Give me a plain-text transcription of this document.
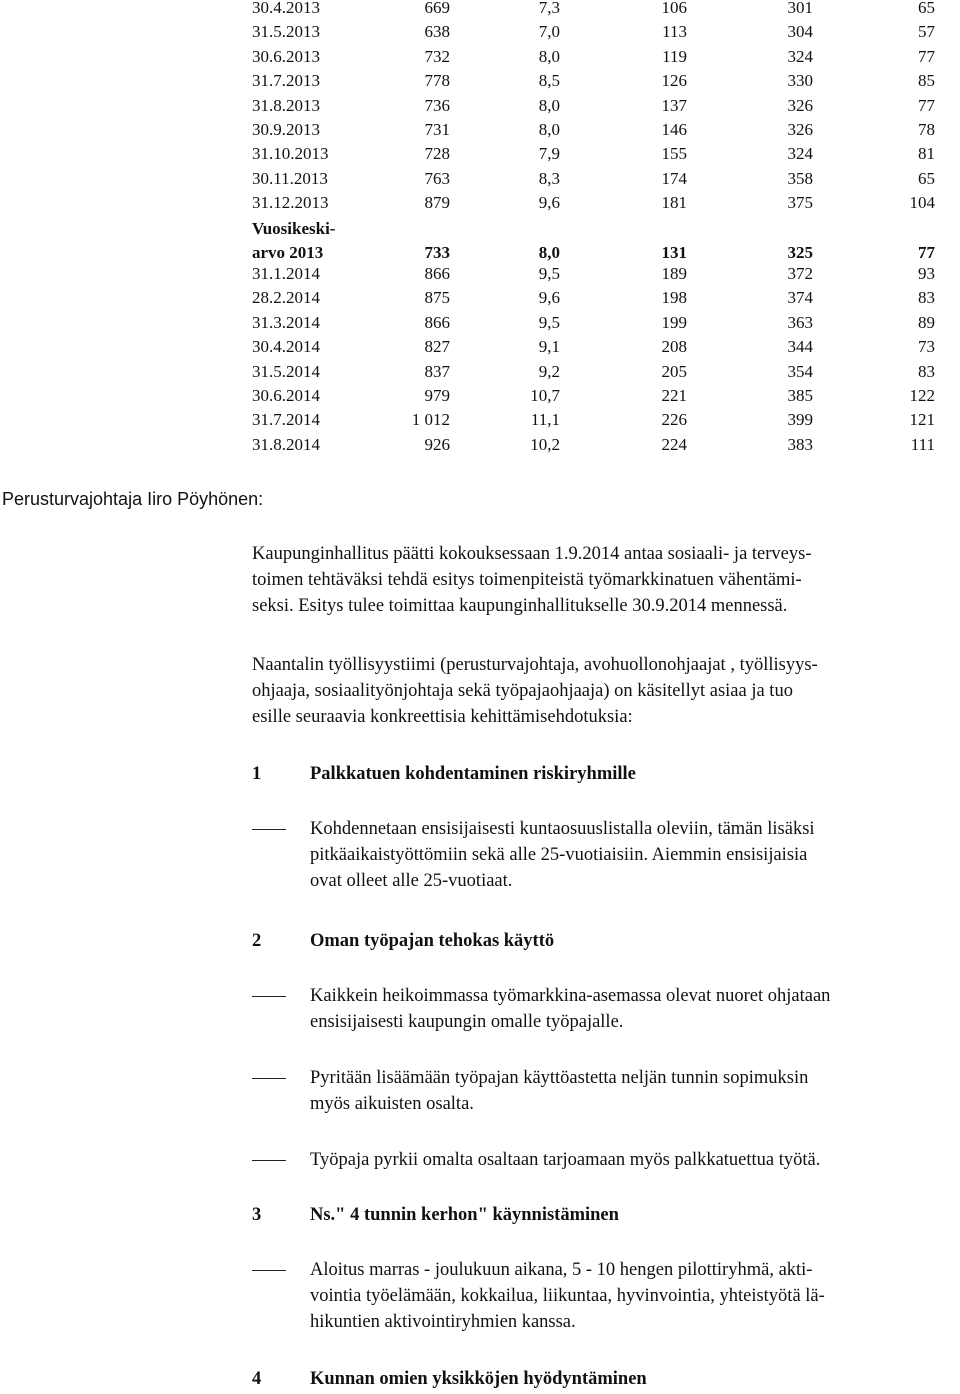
30.4.2013	669	7,3	106	301	65
31.5.2013	638	7,0	113	304	57
30.6.2013	732	8,0	119	324	77
31.7.2013	778	8,5	126	330	85
31.8.2013	736	8,0	137	326	77
30.9.2013	731	8,0	146	326	78
31.10.2013	728	7,9	155	324	81
30.11.2013	763	8,3	174	358	65
31.12.2013	879	9,6	181	375	104
Vuosikeski-
arvo 2013	733	8,0	131	325	77
31.1.2014	866	9,5	189	372	93
28.2.2014	875	9,6	198	374	83
31.3.2014	866	9,5	199	363	89
30.4.2014	827	9,1	208	344	73
31.5.2014	837	9,2	205	354	83
30.6.2014	979	10,7	221	385	122
31.7.2014	1 012	11,1	226	399	121
31.8.2014	926	10,2	224	383	111
Perusturvajohtaja Iiro Pöyhönen:
Kaupunginhallitus päätti kokouksessaan 1.9.2014 antaa sosiaali- ja terveys-
toimen tehtäväksi tehdä esitys toimenpiteistä työmarkkinatuen vähentämi-
seksi. Esitys tulee toimittaa kaupunginhallitukselle 30.9.2014 mennessä.
Naantalin työllisyystiimi (perusturvajohtaja, avohuollonohjaajat , työllisyys-
ohjaaja, sosiaalityönjohtaja sekä työpajaohjaaja) on käsitellyt asiaa ja tuo
esille seuraavia konkreettisia kehittämisehdotuksia:
1	Palkkatuen kohdentaminen riskiryhmille
Kohdennetaan ensisijaisesti kuntaosuuslistalla oleviin, tämän lisäksi
pitkäaikaistyöttömiin sekä alle 25-vuotiaisiin. Aiemmin ensisijaisia
ovat olleet alle 25-vuotiaat.
2	Oman työpajan tehokas käyttö
Kaikkein heikoimmassa työmarkkina-asemassa olevat nuoret ohjataan
ensisijaisesti kaupungin omalle työpajalle.
Pyritään lisäämään työpajan käyttöastetta neljän tunnin sopimuksin
myös aikuisten osalta.
Työpaja pyrkii omalta osaltaan tarjoamaan myös palkkatuettua työtä.
3	Ns." 4 tunnin kerhon" käynnistäminen
Aloitus marras - joulukuun aikana, 5 - 10 hengen pilottiryhmä, akti-
vointia työelämään, kokkailua, liikuntaa, hyvinvointia, yhteistyötä lä-
hikuntien aktivointiryhmien kanssa.
4	Kunnan omien yksikköjen hyödyntäminen
